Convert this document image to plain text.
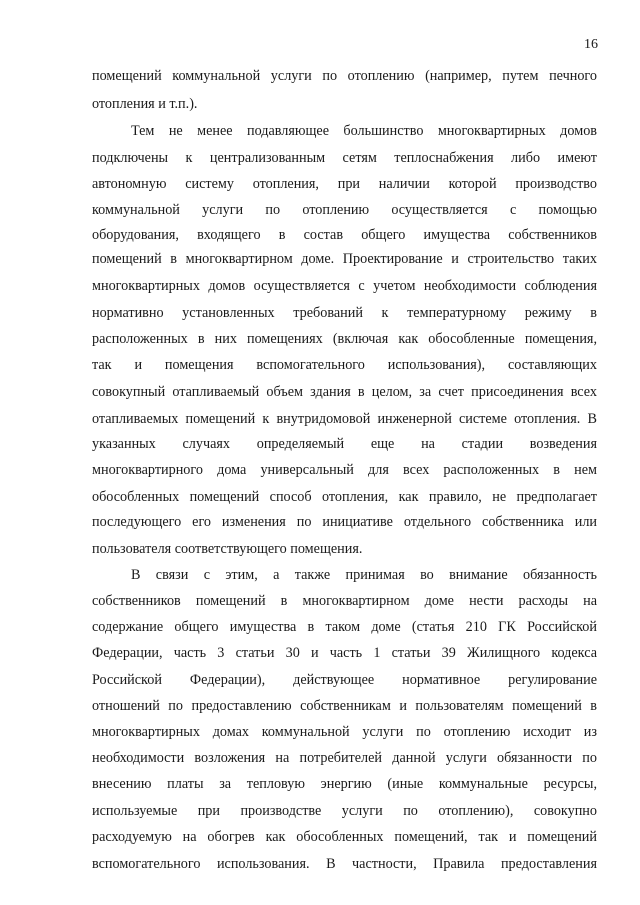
16
помещений коммунальной услуги по отоплению (например, путем печного
отопления и т.п.).
Тем не менее подавляющее большинство многоквартирных домов
подключены к централизованным сетям теплоснабжения либо имеют
автономную систему отопления, при наличии которой производство
коммунальной услуги по отоплению осуществляется с помощью
оборудования, входящего в состав общего имущества собственников
помещений в многоквартирном доме. Проектирование и строительство таких
многоквартирных домов осуществляется с учетом необходимости соблюдения
нормативно установленных требований к температурному режиму в
расположенных в них помещениях (включая как обособленные помещения,
так и помещения вспомогательного использования), составляющих
совокупный отапливаемый объем здания в целом, за счет присоединения всех
отапливаемых помещений к внутридомовой инженерной системе отопления. В
указанных случаях определяемый еще на стадии возведения
многоквартирного дома универсальный для всех расположенных в нем
обособленных помещений способ отопления, как правило, не предполагает
последующего его изменения по инициативе отдельного собственника или
пользователя соответствующего помещения.
В связи с этим, а также принимая во внимание обязанность
собственников помещений в многоквартирном доме нести расходы на
содержание общего имущества в таком доме (статья 210 ГК Российской
Федерации, часть 3 статьи 30 и часть 1 статьи 39 Жилищного кодекса
Российской Федерации), действующее нормативное регулирование
отношений по предоставлению собственникам и пользователям помещений в
многоквартирных домах коммунальной услуги по отоплению исходит из
необходимости возложения на потребителей данной услуги обязанности по
внесению платы за тепловую энергию (иные коммунальные ресурсы,
используемые при производстве услуги по отоплению), совокупно
расходуемую на обогрев как обособленных помещений, так и помещений
вспомогательного использования. В частности, Правила предоставления
